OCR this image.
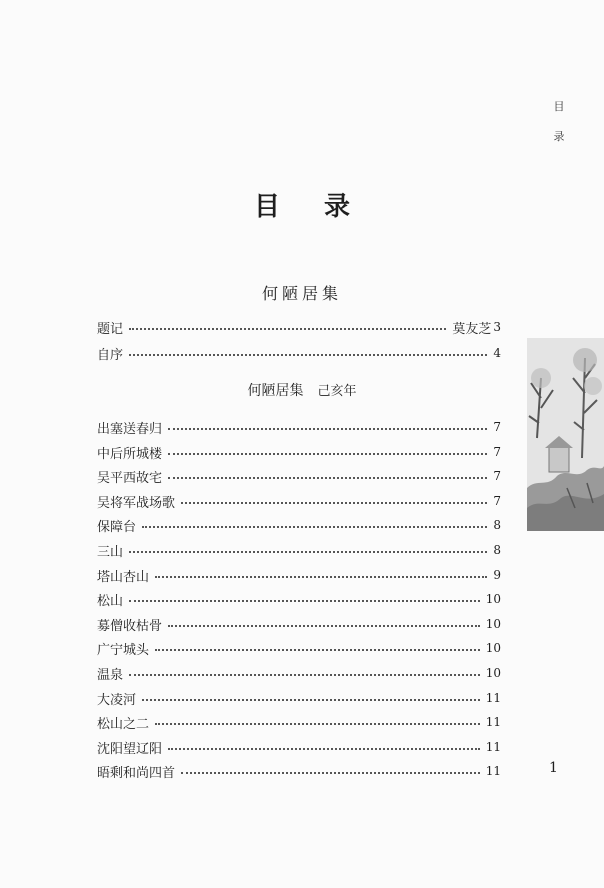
目
录
目 录
何陋居集
题记	莫友芝 3
自序	4
何陋居集 己亥年
出塞送春归	7
中后所城楼	7
吴平西故宅	7
吴将军战场歌	7
保障台	8
三山	8
塔山杏山	9
松山	10
募僧收枯骨	10
广宁城头	10
温泉	10
大凌河	11
松山之二	11
沈阳望辽阳	11
晤剩和尚四首	11	1
